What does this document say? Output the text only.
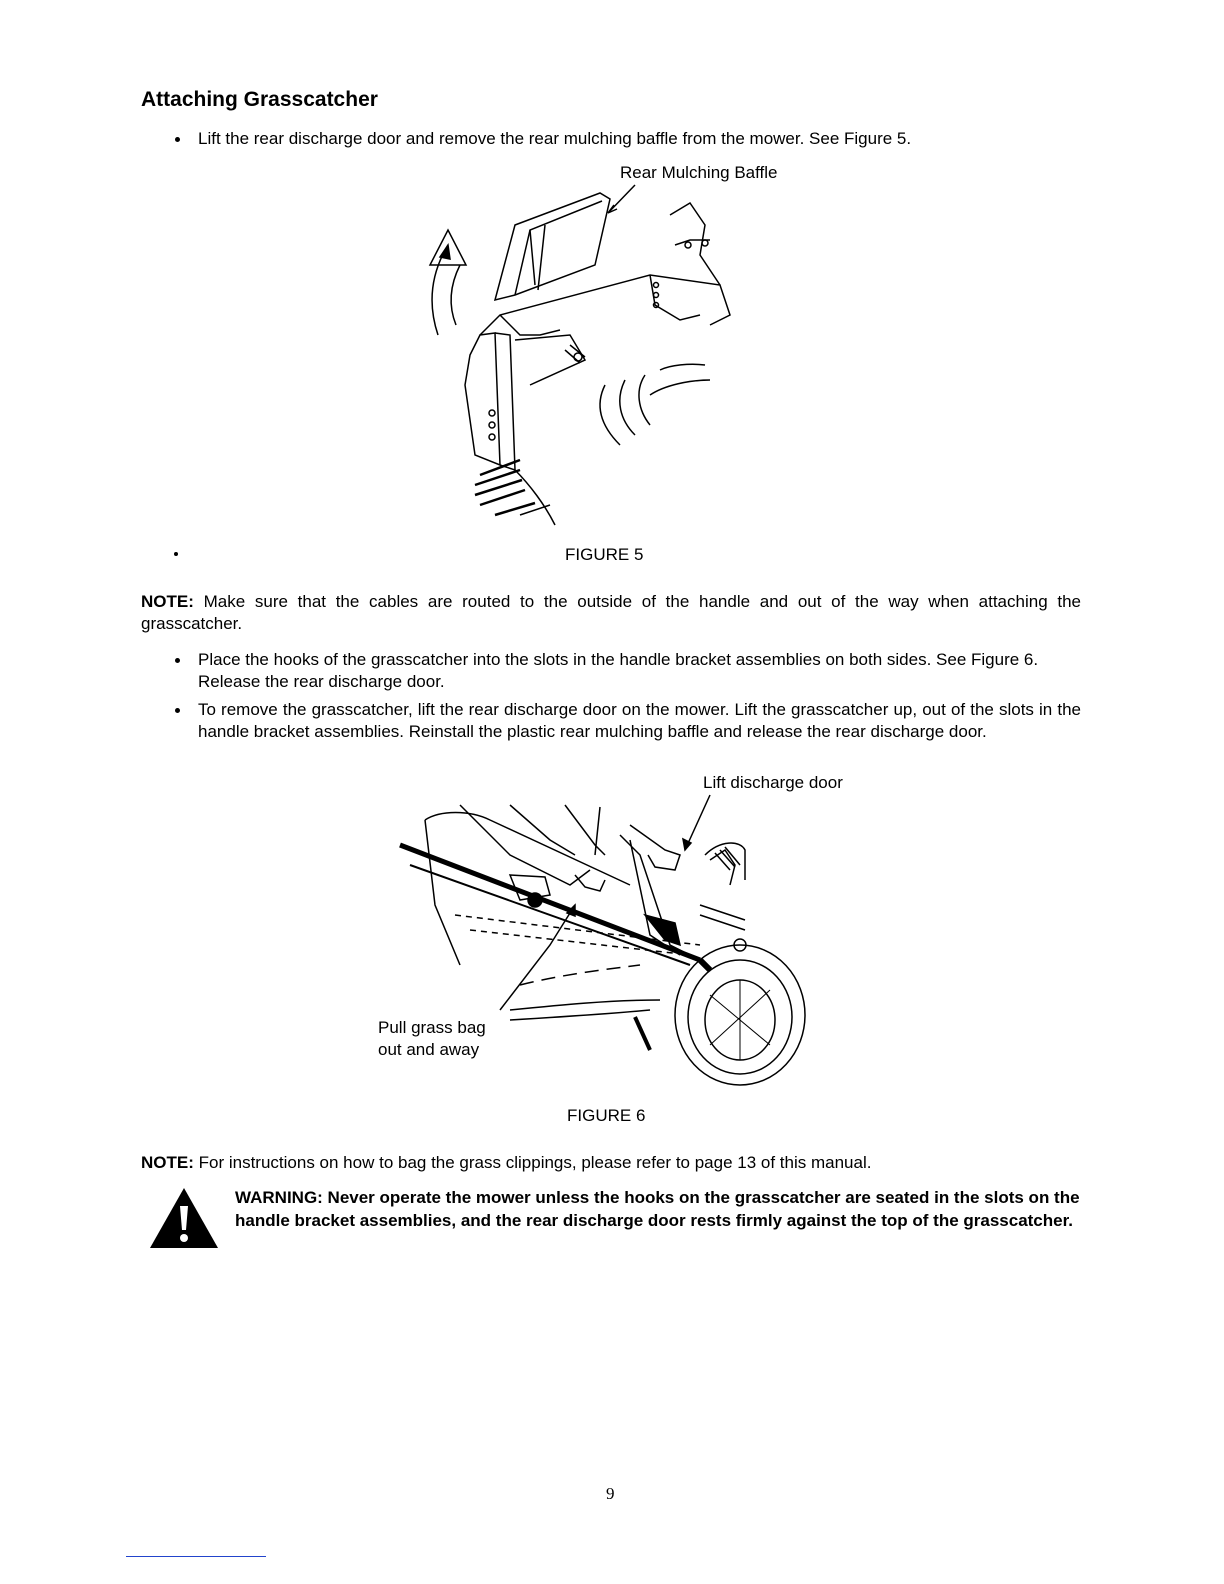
Attaching Grasscatcher
Lift the rear discharge door and remove the rear mulching baffle from the mower. See Figure 5.
Rear Mulching Baffle
FIGURE 5
NOTE: Make sure that the cables are routed to the outside of the handle and out of the way when attaching the grasscatcher.
Place the hooks of the grasscatcher into the slots in the handle bracket assemblies on both sides. See Figure 6. Release the rear discharge door.
To remove the grasscatcher, lift the rear discharge door on the mower. Lift the grasscatcher up, out of the slots in the handle bracket assemblies. Reinstall the plastic rear mulching baffle and release the rear discharge door.
Lift discharge door
Pull grass bag
out and away
FIGURE 6
NOTE: For instructions on how to bag the grass clippings, please refer to page 13 of this manual.
WARNING: Never operate the mower unless the hooks on the grasscatcher are seated in the slots on the handle bracket assemblies, and the rear discharge door rests firmly against the top of the grasscatcher.
9
